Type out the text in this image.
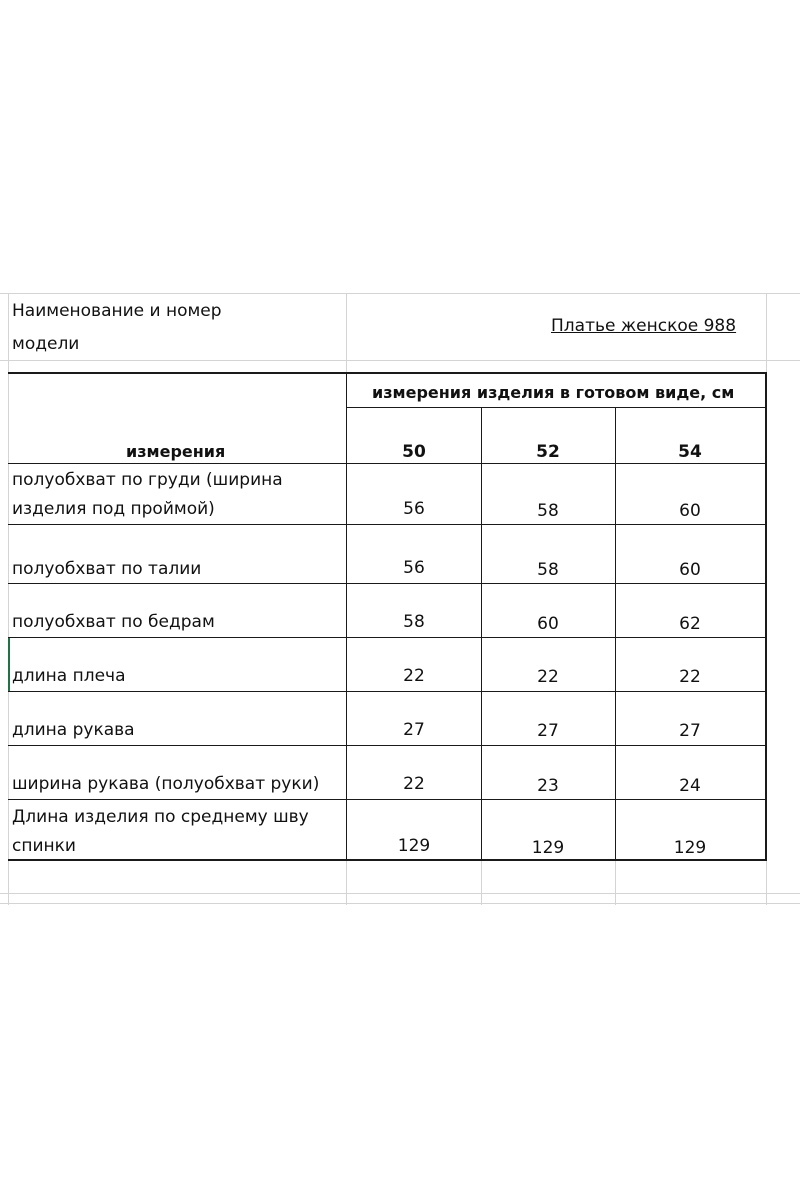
Наименование и номер
модели
Платье женское 988
измерения изделия в готовом виде, см
измерения	50	52	54
полуобхват по груди (ширина
изделия под проймой)	56	58	60
полуобхват по талии	56	58	60
полуобхват по бедрам	58	60	62
длина плеча	22	22	22
длина рукава	27	27	27
ширина рукава (полуобхват руки)	22	23	24
Длина изделия по среднему шву
спинки	129	129	129
